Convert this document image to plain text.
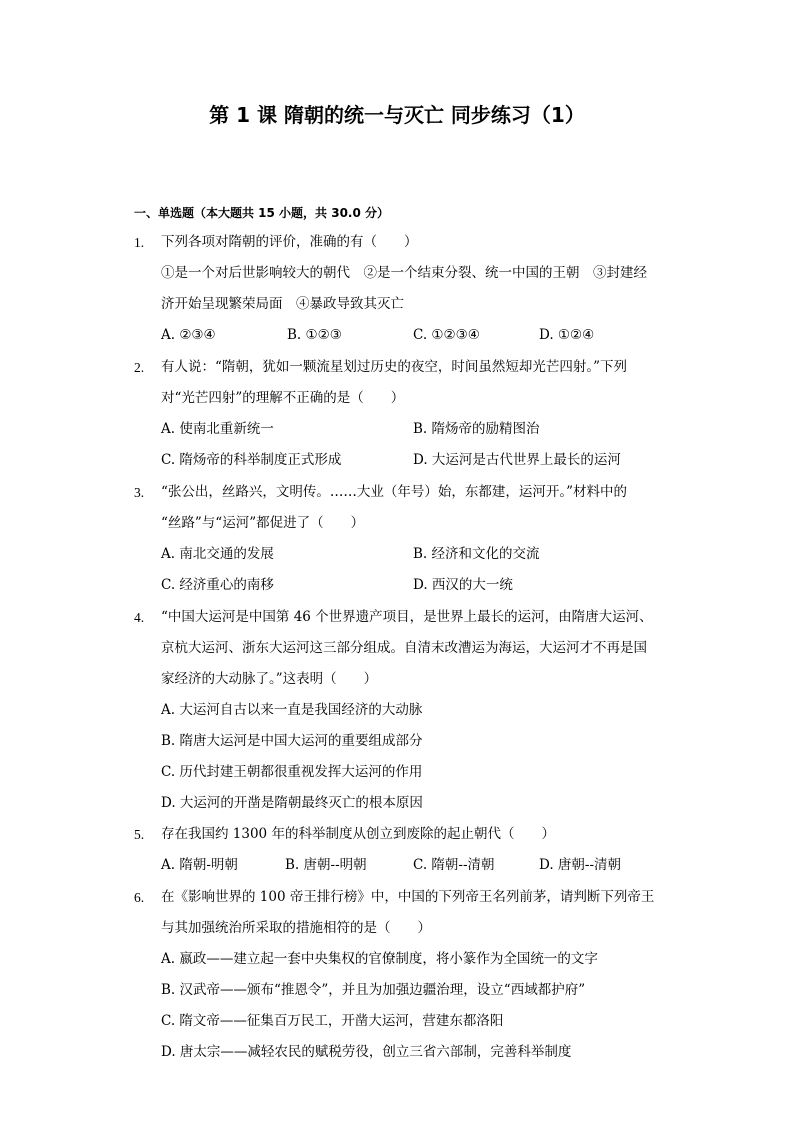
第 1 课 隋朝的统一与灭亡 同步练习（1）
一、单选题（本大题共 15 小题，共 30.0 分）
1.	下列各项对隋朝的评价，准确的有（　　）
①是一个对后世影响较大的朝代　②是一个结束分裂、统一中国的王朝　③封建经
济开始呈现繁荣局面　④暴政导致其灭亡
A. ②③④	B. ①②③	C. ①②③④	D. ①②④
2.	有人说：“隋朝，犹如一颗流星划过历史的夜空，时间虽然短却光芒四射。”下列
对“光芒四射”的理解不正确的是（　　）
A. 使南北重新统一	B. 隋炀帝的励精图治
C. 隋炀帝的科举制度正式形成	D. 大运河是古代世界上最长的运河
3.	“张公出，丝路兴，文明传。……大业（年号）始，东都建，运河开。”材料中的
“丝路”与“运河”都促进了（　　）
A. 南北交通的发展	B. 经济和文化的交流
C. 经济重心的南移	D. 西汉的大一统
4.	“中国大运河是中国第 46 个世界遗产项目，是世界上最长的运河，由隋唐大运河、
京杭大运河、浙东大运河这三部分组成。自清末改漕运为海运，大运河才不再是国
家经济的大动脉了。”这表明（　　）
A. 大运河自古以来一直是我国经济的大动脉
B. 隋唐大运河是中国大运河的重要组成部分
C. 历代封建王朝都很重视发挥大运河的作用
D. 大运河的开凿是隋朝最终灭亡的根本原因
5.	存在我国约 1300 年的科举制度从创立到废除的起止朝代（　　）
A. 隋朝-明朝	B. 唐朝--明朝	C. 隋朝--清朝	D. 唐朝--清朝
6.	在《影响世界的 100 帝王排行榜》中，中国的下列帝王名列前茅，请判断下列帝王
与其加强统治所采取的措施相符的是（　　）
A. 嬴政——建立起一套中央集权的官僚制度，将小篆作为全国统一的文字
B. 汉武帝——颁布“推恩令”，并且为加强边疆治理，设立“西域都护府”
C. 隋文帝——征集百万民工，开凿大运河，营建东都洛阳
D. 唐太宗——减轻农民的赋税劳役，创立三省六部制，完善科举制度
